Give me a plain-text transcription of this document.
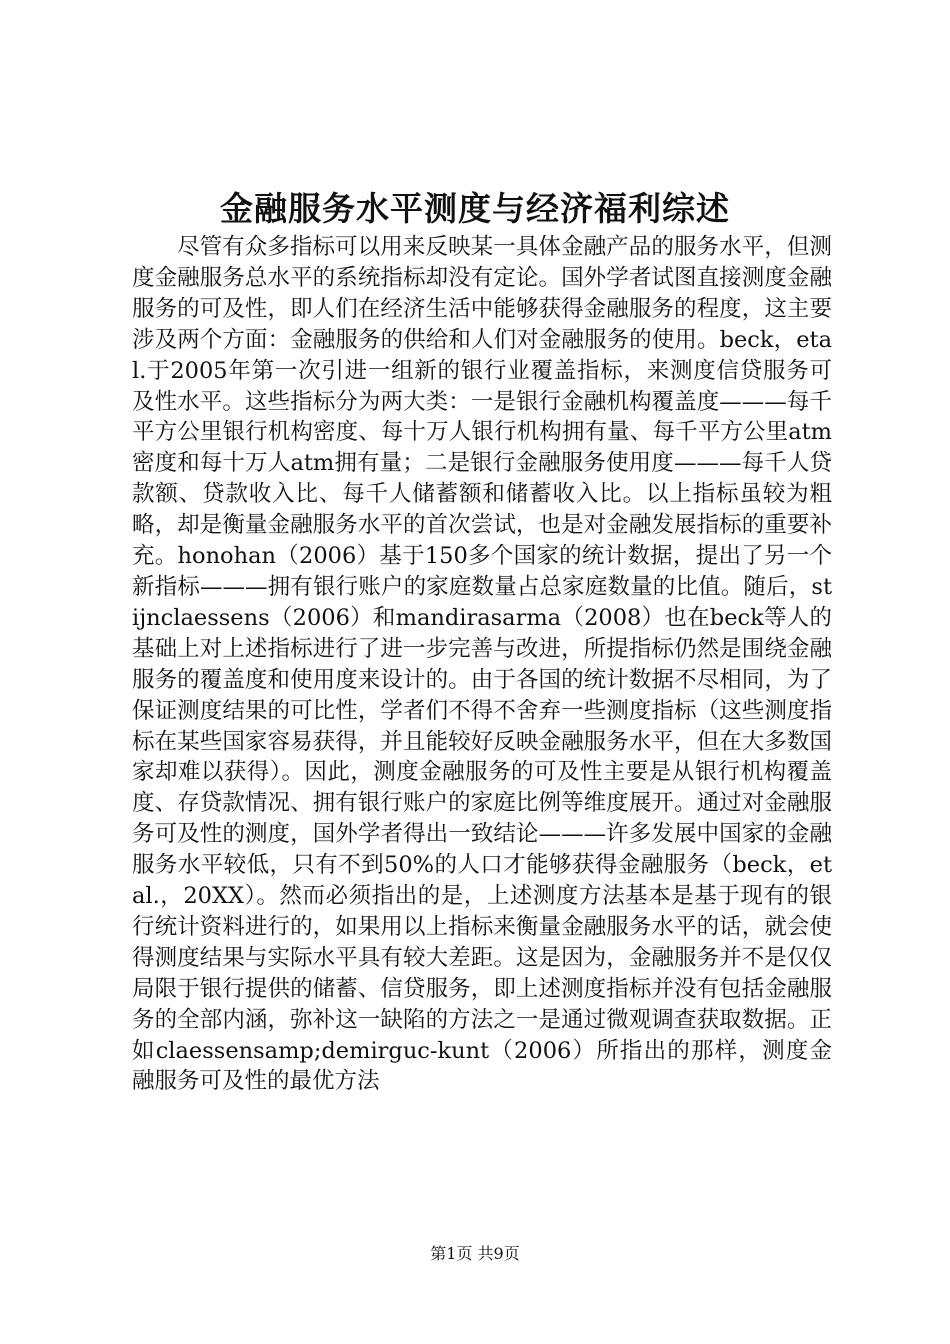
金融服务水平测度与经济福利综述

尽管有众多指标可以用来反映某一具体金融产品的服务水平，但测度金融服务总水平的系统指标却没有定论。国外学者试图直接测度金融服务的可及性，即人们在经济生活中能够获得金融服务的程度，这主要涉及两个方面：金融服务的供给和人们对金融服务的使用。beck，etal.于2005年第一次引进一组新的银行业覆盖指标，来测度信贷服务可及性水平。这些指标分为两大类：一是银行金融机构覆盖度———每千平方公里银行机构密度、每十万人银行机构拥有量、每千平方公里atm密度和每十万人atm拥有量；二是银行金融服务使用度———每千人贷款额、贷款收入比、每千人储蓄额和储蓄收入比。以上指标虽较为粗略，却是衡量金融服务水平的首次尝试，也是对金融发展指标的重要补充。honohan（2006）基于150多个国家的统计数据，提出了另一个新指标———拥有银行账户的家庭数量占总家庭数量的比值。随后，stijnclaessens（2006）和mandirasarma（2008）也在beck等人的基础上对上述指标进行了进一步完善与改进，所提指标仍然是围绕金融服务的覆盖度和使用度来设计的。由于各国的统计数据不尽相同，为了保证测度结果的可比性，学者们不得不舍弃一些测度指标（这些测度指标在某些国家容易获得，并且能较好反映金融服务水平，但在大多数国家却难以获得）。因此，测度金融服务的可及性主要是从银行机构覆盖度、存贷款情况、拥有银行账户的家庭比例等维度展开。通过对金融服务可及性的测度，国外学者得出一致结论———许多发展中国家的金融服务水平较低，只有不到50%的人口才能够获得金融服务（beck，etal.，20XX）。然而必须指出的是，上述测度方法基本是基于现有的银行统计资料进行的，如果用以上指标来衡量金融服务水平的话，就会使得测度结果与实际水平具有较大差距。这是因为，金融服务并不是仅仅局限于银行提供的储蓄、信贷服务，即上述测度指标并没有包括金融服务的全部内涵，弥补这一缺陷的方法之一是通过微观调查获取数据。正如claessensamp;demirguc-kunt（2006）所指出的那样，测度金融服务可及性的最优方法

第1页 共9页
